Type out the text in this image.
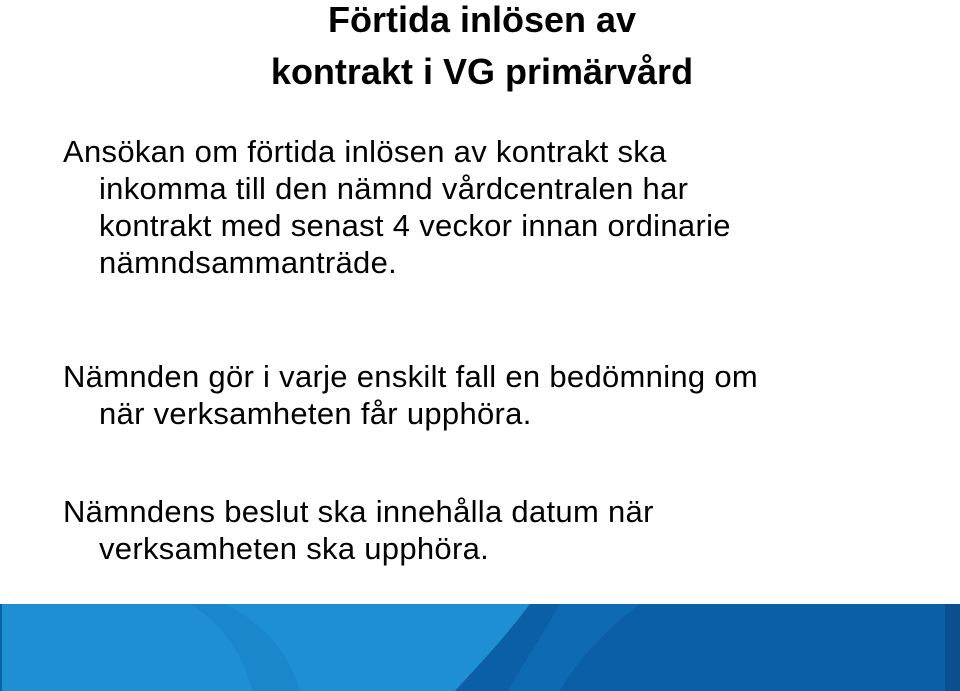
Förtida inlösen av
kontrakt i VG primärvård

Ansökan om förtida inlösen av kontrakt ska
inkomma till den nämnd vårdcentralen har
kontrakt med senast 4 veckor innan ordinarie
nämndsammanträde.

Nämnden gör i varje enskilt fall en bedömning om
när verksamheten får upphöra.

Nämndens beslut ska innehålla datum när
verksamheten ska upphöra.
